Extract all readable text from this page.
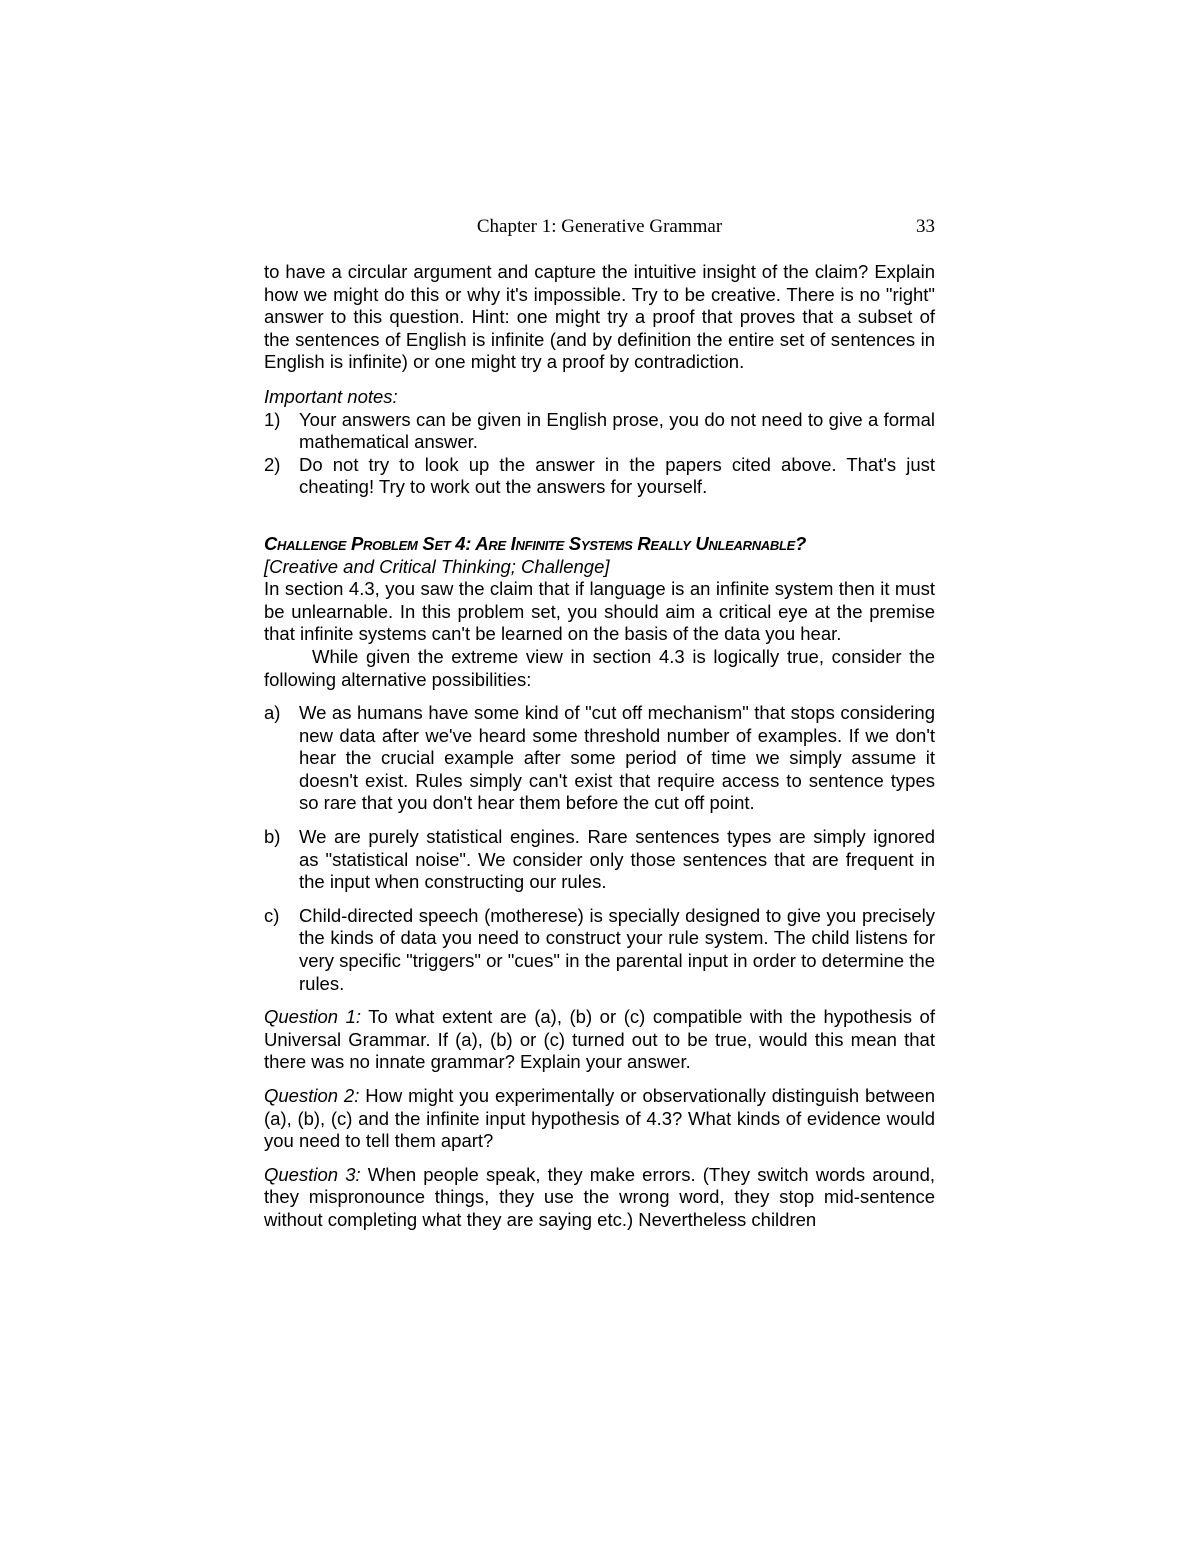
Chapter 1: Generative Grammar	33

to have a circular argument and capture the intuitive insight of the claim? Explain how we might do this or why it's impossible. Try to be creative. There is no "right" answer to this question. Hint: one might try a proof that proves that a subset of the sentences of English is infinite (and by definition the entire set of sentences in English is infinite) or one might try a proof by contradiction.

Important notes:

1) Your answers can be given in English prose, you do not need to give a formal mathematical answer.
2) Do not try to look up the answer in the papers cited above. That's just cheating! Try to work out the answers for yourself.

Challenge Problem Set 4: Are Infinite Systems Really Unlearnable?

[Creative and Critical Thinking; Challenge]

In section 4.3, you saw the claim that if language is an infinite system then it must be unlearnable. In this problem set, you should aim a critical eye at the premise that infinite systems can't be learned on the basis of the data you hear.

While given the extreme view in section 4.3 is logically true, consider the following alternative possibilities:

a) We as humans have some kind of "cut off mechanism" that stops considering new data after we've heard some threshold number of examples. If we don't hear the crucial example after some period of time we simply assume it doesn't exist. Rules simply can't exist that require access to sentence types so rare that you don't hear them before the cut off point.
b) We are purely statistical engines. Rare sentences types are simply ignored as "statistical noise". We consider only those sentences that are frequent in the input when constructing our rules.
c) Child-directed speech (motherese) is specially designed to give you precisely the kinds of data you need to construct your rule system. The child listens for very specific "triggers" or "cues" in the parental input in order to determine the rules.

Question 1: To what extent are (a), (b) or (c) compatible with the hypothesis of Universal Grammar. If (a), (b) or (c) turned out to be true, would this mean that there was no innate grammar? Explain your answer.

Question 2: How might you experimentally or observationally distinguish between (a), (b), (c) and the infinite input hypothesis of 4.3? What kinds of evidence would you need to tell them apart?

Question 3: When people speak, they make errors. (They switch words around, they mispronounce things, they use the wrong word, they stop mid-sentence without completing what they are saying etc.) Nevertheless children
